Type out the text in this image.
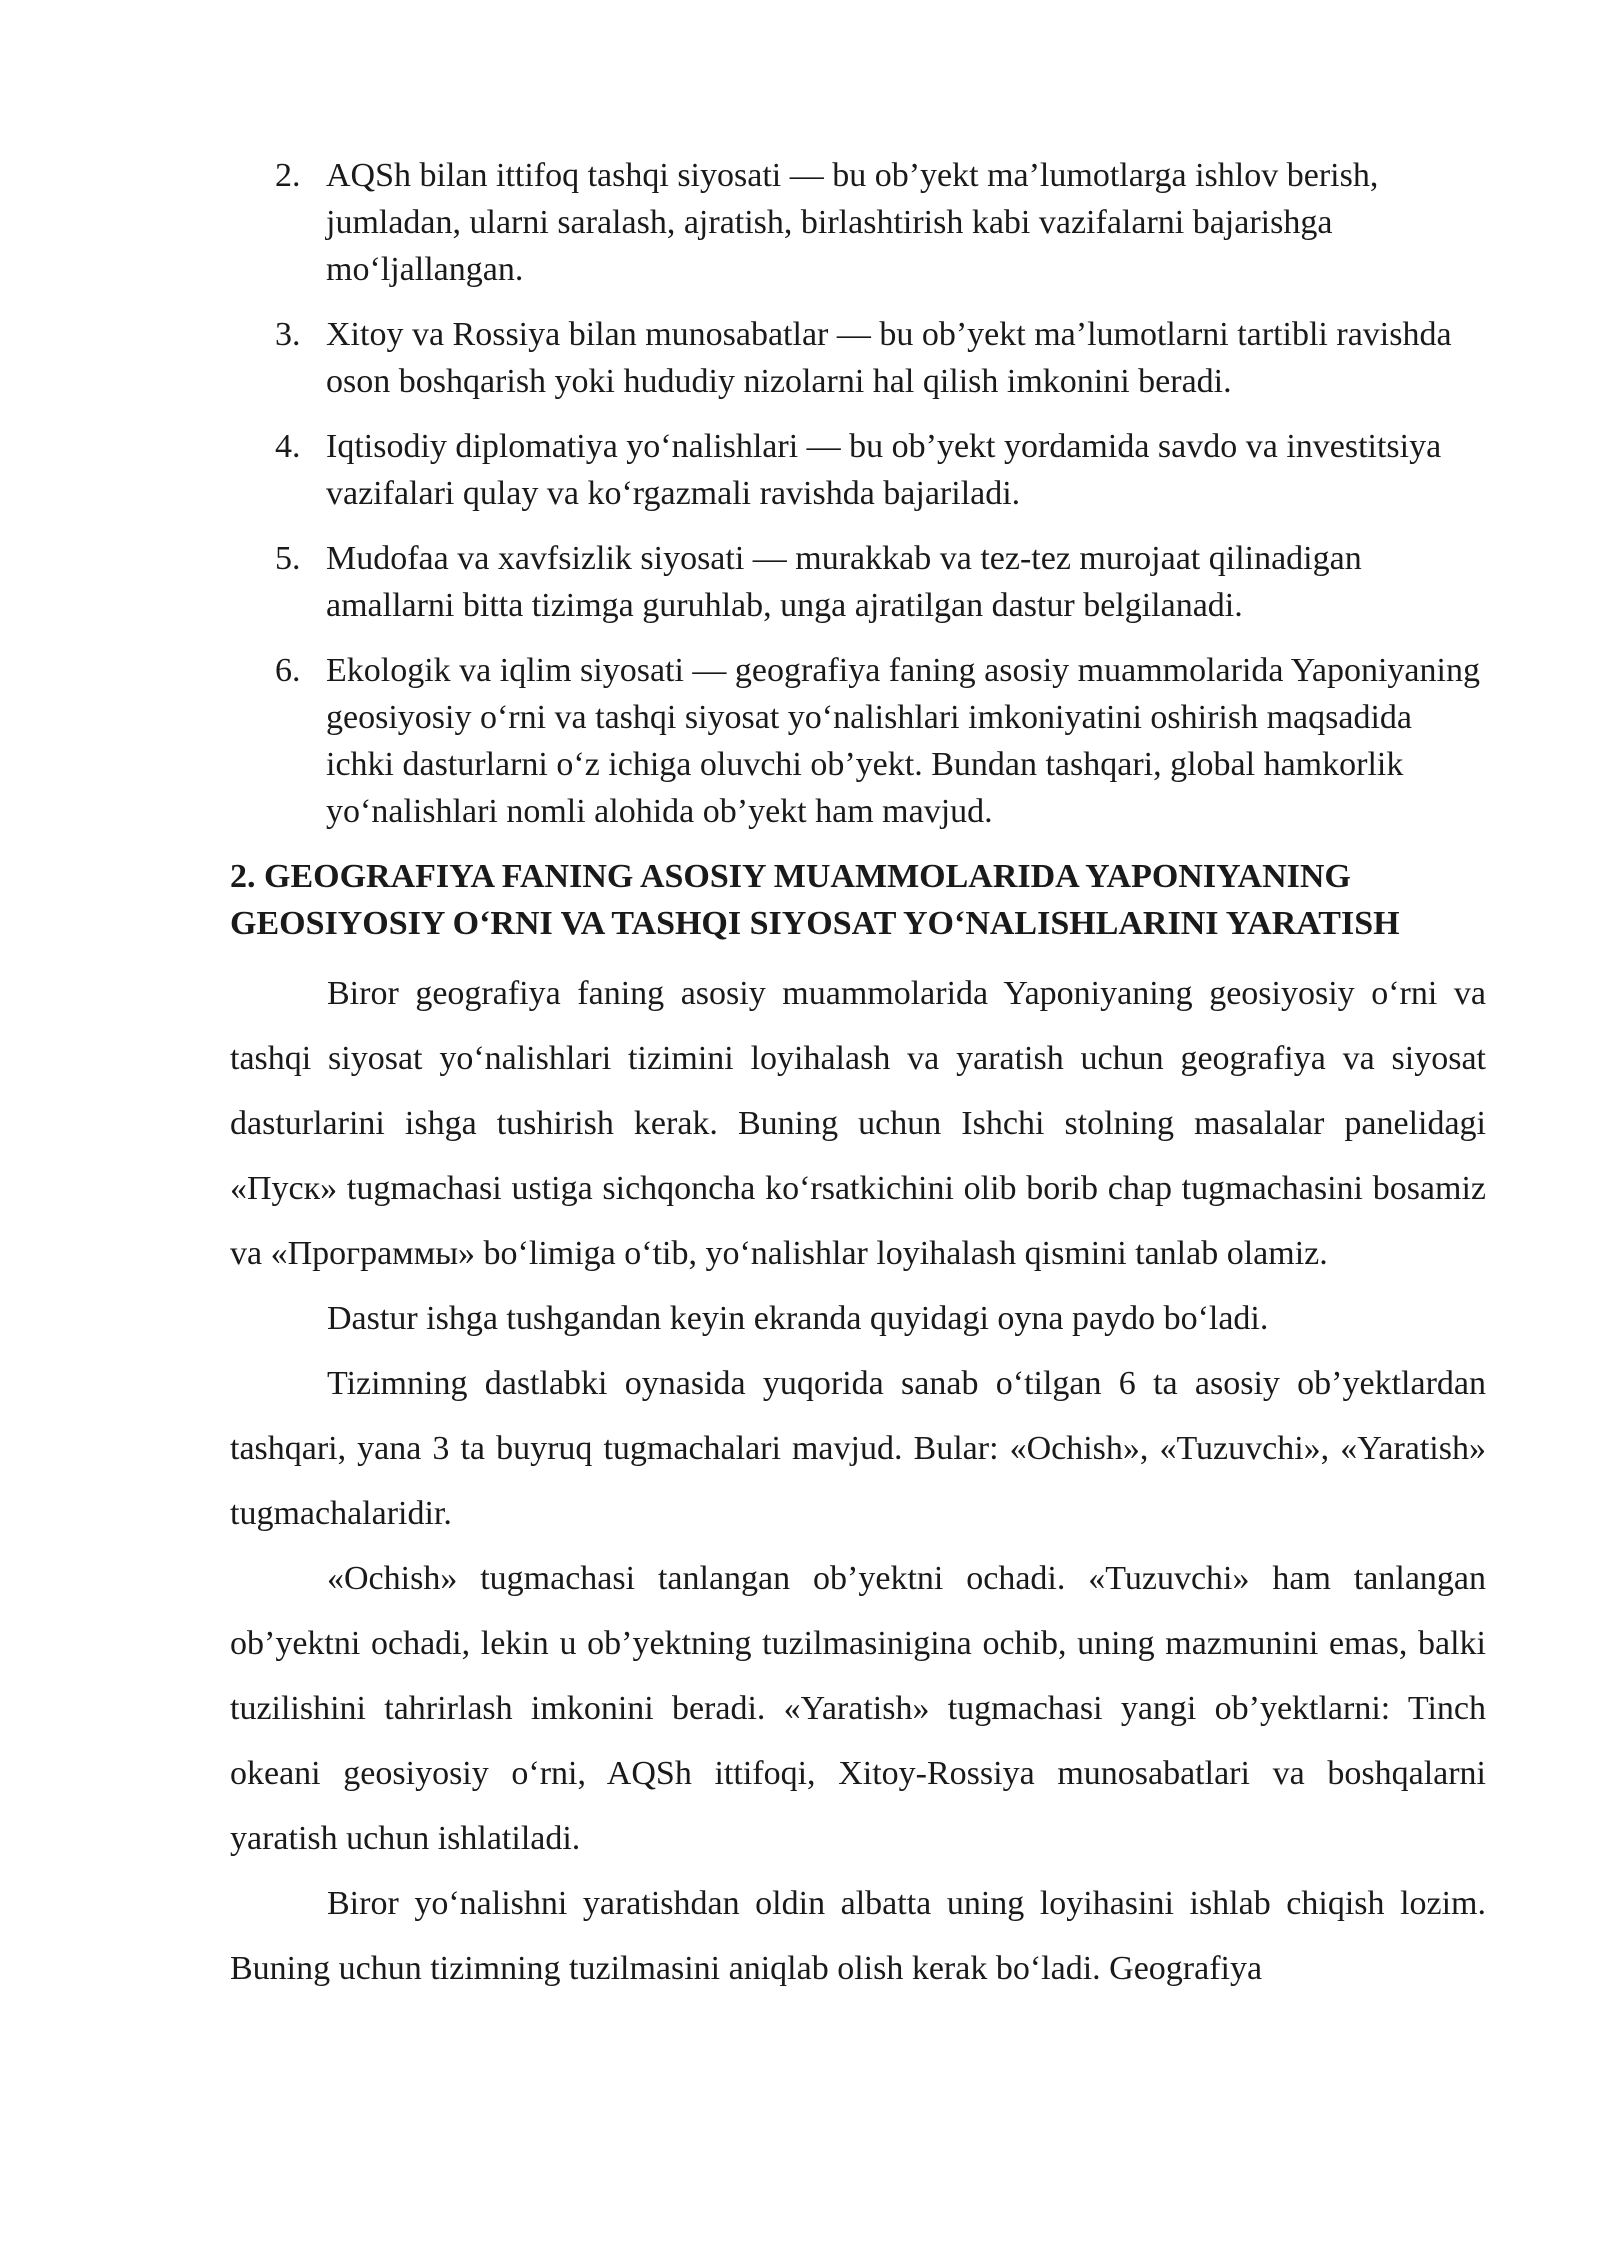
2. AQSh bilan ittifoq tashqi siyosati — bu ob’yekt ma’lumotlarga ishlov berish, jumladan, ularni saralash, ajratish, birlashtirish kabi vazifalarni bajarishga mo‘ljallangan.
3. Xitoy va Rossiya bilan munosabatlar — bu ob’yekt ma’lumotlarni tartibli ravishda oson boshqarish yoki hududiy nizolarni hal qilish imkonini beradi.
4. Iqtisodiy diplomatiya yo‘nalishlari — bu ob’yekt yordamida savdo va investitsiya vazifalari qulay va ko‘rgazmali ravishda bajariladi.
5. Mudofaa va xavfsizlik siyosati — murakkab va tez-tez murojaat qilinadigan amallarni bitta tizimga guruhlab, unga ajratilgan dastur belgilanadi.
6. Ekologik va iqlim siyosati — geografiya faning asosiy muammolarida Yaponiyaning geosiyosiy o‘rni va tashqi siyosat yo‘nalishlari imkoniyatini oshirish maqsadida ichki dasturlarni o‘z ichiga oluvchi ob’yekt. Bundan tashqari, global hamkorlik yo‘nalishlari nomli alohida ob’yekt ham mavjud.
2. GEOGRAFIYA FANING ASOSIY MUAMMOLARIDA YAPONIYANING GEOSIYOSIY O‘RNI VA TASHQI SIYOSAT YO‘NALISHLARINI YARATISH

Biror geografiya faning asosiy muammolarida Yaponiyaning geosiyosiy o‘rni va tashqi siyosat yo‘nalishlari tizimini loyihalash va yaratish uchun geografiya va siyosat dasturlarini ishga tushirish kerak. Buning uchun Ishchi stolning masalalar panelidagi «Пуск» tugmachasi ustiga sichqoncha ko‘rsatkichini olib borib chap tugmachasini bosamiz va «Программы» bo‘limiga o‘tib, yo‘nalishlar loyihalash qismini tanlab olamiz.

Dastur ishga tushgandan keyin ekranda quyidagi oyna paydo bo‘ladi.

Tizimning dastlabki oynasida yuqorida sanab o‘tilgan 6 ta asosiy ob’yektlardan tashqari, yana 3 ta buyruq tugmachalari mavjud. Bular: «Ochish», «Tuzuvchi», «Yaratish» tugmachalaridir.

«Ochish» tugmachasi tanlangan ob’yektni ochadi. «Tuzuvchi» ham tanlangan ob’yektni ochadi, lekin u ob’yektning tuzilmasinigina ochib, uning mazmunini emas, balki tuzilishini tahrirlash imkonini beradi. «Yaratish» tugmachasi yangi ob’yektlarni: Tinch okeani geosiyosiy o‘rni, AQSh ittifoqi, Xitoy-Rossiya munosabatlari va boshqalarni yaratish uchun ishlatiladi.

Biror yo‘nalishni yaratishdan oldin albatta uning loyihasini ishlab chiqish lozim. Buning uchun tizimning tuzilmasini aniqlab olish kerak bo‘ladi. Geografiya
